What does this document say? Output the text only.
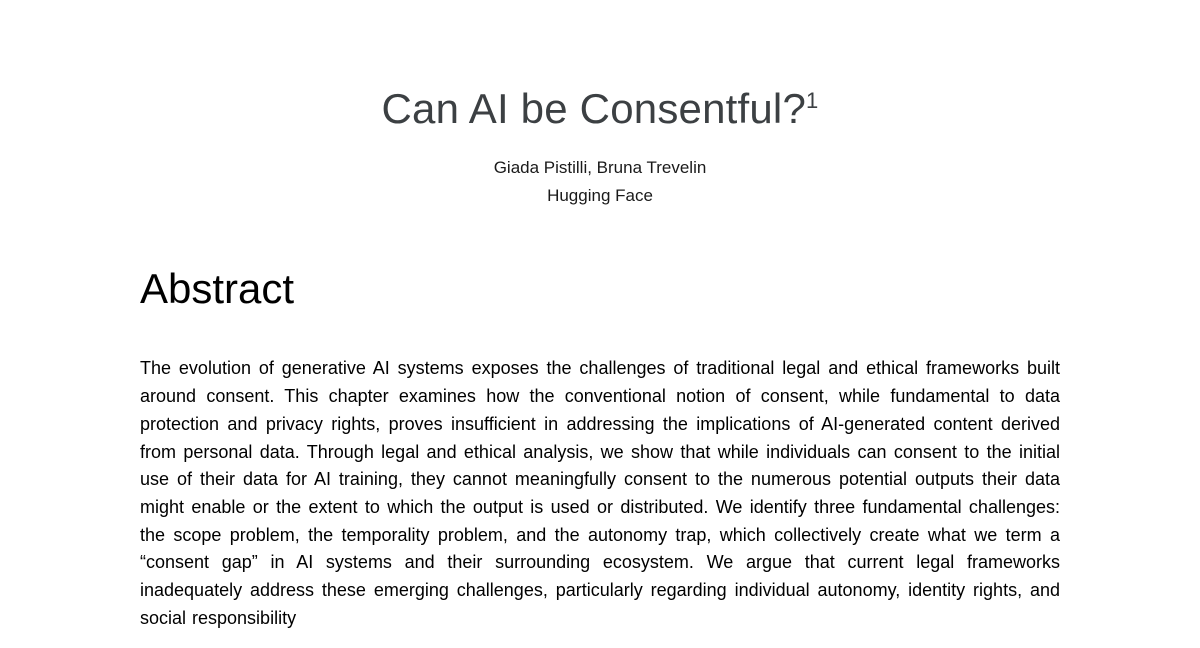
Can AI be Consentful?$^1$
Giada Pistilli, Bruna Trevelin
Hugging Face
Abstract

The evolution of generative AI systems exposes the challenges of traditional legal and ethical frameworks built around consent. This chapter examines how the conventional notion of consent, while fundamental to data protection and privacy rights, proves insufficient in addressing the implications of AI-generated content derived from personal data. Through legal and ethical analysis, we show that while individuals can consent to the initial use of their data for AI training, they cannot meaningfully consent to the numerous potential outputs their data might enable or the extent to which the output is used or distributed. We identify three fundamental challenges: the scope problem, the temporality problem, and the autonomy trap, which collectively create what we term a “consent gap” in AI systems and their surrounding ecosystem. We argue that current legal frameworks inadequately address these emerging challenges, particularly regarding individual autonomy, identity rights, and social responsibility
